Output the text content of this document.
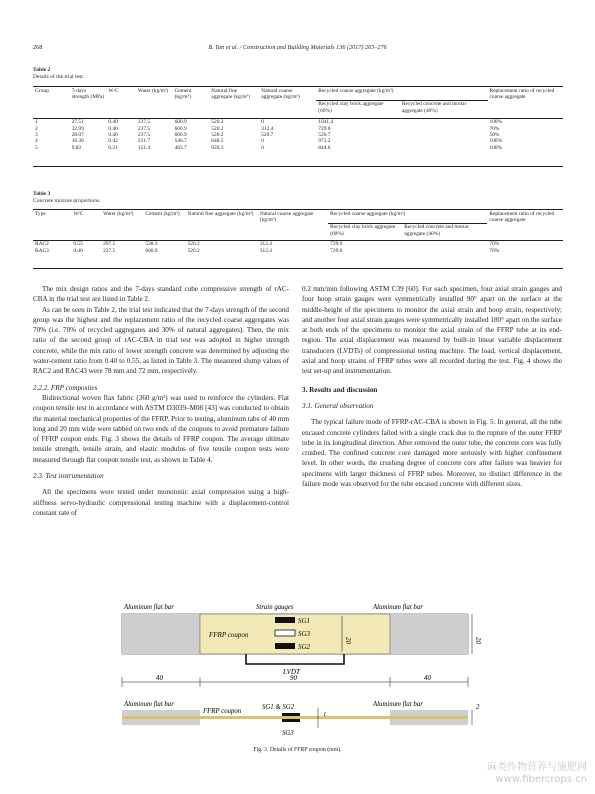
268	B. Yan et al. / Construction and Building Materials 136 (2017) 265–276
Table 2
Details of the trial test.
Group	7-days strength (MPa)	W/C	Water (kg/m³)	Cement (kg/m³)	Natural fine aggregate (kg/m³)	Natural coarse aggregate (kg/m³)	Recycled coarse aggregate (kg/m³)		Replacement ratio of recycled coarse aggregate
							Recycled clay brick aggregate (60%)	Recycled concrete and mortar aggregate (40%)	

1	27.51	0.40	237.5	600.9	520.2	0	1041.4		100%
2	32.99	0.40	237.5	600.9	520.2	312.4	729.0		70%
3	28.07	0.40	237.5	600.9	520.2	520.7	520.7		50%
4	16.36	0.42	231.7	546.7	648.5	0	973.2		100%
5	9.83	0.31	151.4	483.7	920.3	0	844.6		100%
Table 3
Concrete mixture proportions.
Type	W/C	Water (kg/m³)	Cement (kg/m³)	Natural fine aggregate (kg/m³)	Natural coarse aggregate (kg/m³)	Recycled coarse aggregate (kg/m³)		Replacement ratio of recycled coarse aggregate
						Recycled clay brick aggregate (60%)	Recycled concrete and mortar aggregate (40%)	

RAC2	0.55	297.5	538.3	520.2	312.4	729.0		70%
RAC3	0.40	237.5	600.9	520.2	312.4	729.0		70%
The mix design ratios and the 7-days standard cube compressive strength of rAC-CBA in the trial test are listed in Table 2.
As can be seen in Table 2, the trial test indicated that the 7-days strength of the second group was the highest and the replacement ratio of the recycled coarse aggregates was 70% (i.e. 70% of recycled aggregates and 30% of natural aggregates). Then, the mix ratio of the second group of rAC-CBA in trial test was adopted in higher strength concrete, while the mix ratio of lower strength concrete was determined by adjusting the water-cement ratio from 0.40 to 0.55, as listed in Table 3. The measured slump values of RAC2 and RAC43 were 78 mm and 72 mm, respectively.
2.2.2. FRP composites
Bidirectional woven flax fabric (360 g/m²) was used to reinforce the cylinders. Flat coupon tensile test in accordance with ASTM D3039–M08 [43] was conducted to obtain the material mechanical properties of the FFRP. Prior to testing, aluminum tabs of 40 mm long and 20 mm wide were tabbed on two ends of the coupons to avoid premature failure of FFRP coupon ends. Fig. 3 shows the details of FFRP coupon. The average ultimate tensile strength, tensile strain, and elastic modulus of five tensile coupon tests were measured through flat coupon tensile test, as shown in Table 4.
2.3. Test instrumentation
All the specimens were tested under monotonic axial compression using a high-stiffness servo-hydraulic compressional testing machine with a displacement-control constant rate of
0.2 mm/min following ASTM C39 [60]. For each specimen, four axial strain gauges and four hoop strain gauges were symmetrically installed 90° apart on the surface at the middle-height of the specimens to monitor the axial strain and hoop strain, respectively; and another four axial strain gauges were symmetrically installed 180° apart on the surface at both ends of the specimens to monitor the axial strain of the FFRP tube at its end-region. The axial displacement was measured by built-in linear variable displacement transducers (LVDTs) of compressional testing machine. The load, vertical displacement, axial and hoop strains of FFRP tubes were all recorded during the test. Fig. 4 shows the test set-up and instrumentation.
3. Results and discussion
3.1. General observation
The typical failure mode of FFRP-rAC-CBA is shown in Fig. 5. In general, all the tube encased concrete cylinders failed with a single crack due to the rupture of the outer FFRP tube in its longitudinal direction. After removed the outer tube, the concrete core was fully crushed. The confined concrete core damaged more seriously with higher confinement level. In other words, the crushing degree of concrete core after failure was heavier for specimens with larger thickness of FFRP tubes. Moreover, no distinct difference in the failure mode was observed for the tube encased concrete with different sizes.
Aluminum flat bar	Strain gauges	Aluminum flat bar
FFRP coupon
SG1
SG3
SG2
20	20
LVDT
40	90	40
Aluminum flat bar
FFRP coupon
SG1 & SG2
t
Aluminum flat bar	2
SG3
Fig. 3. Details of FFRP coupon (mm).
麻类作物营养与施肥网
www.fibercrops.cn
